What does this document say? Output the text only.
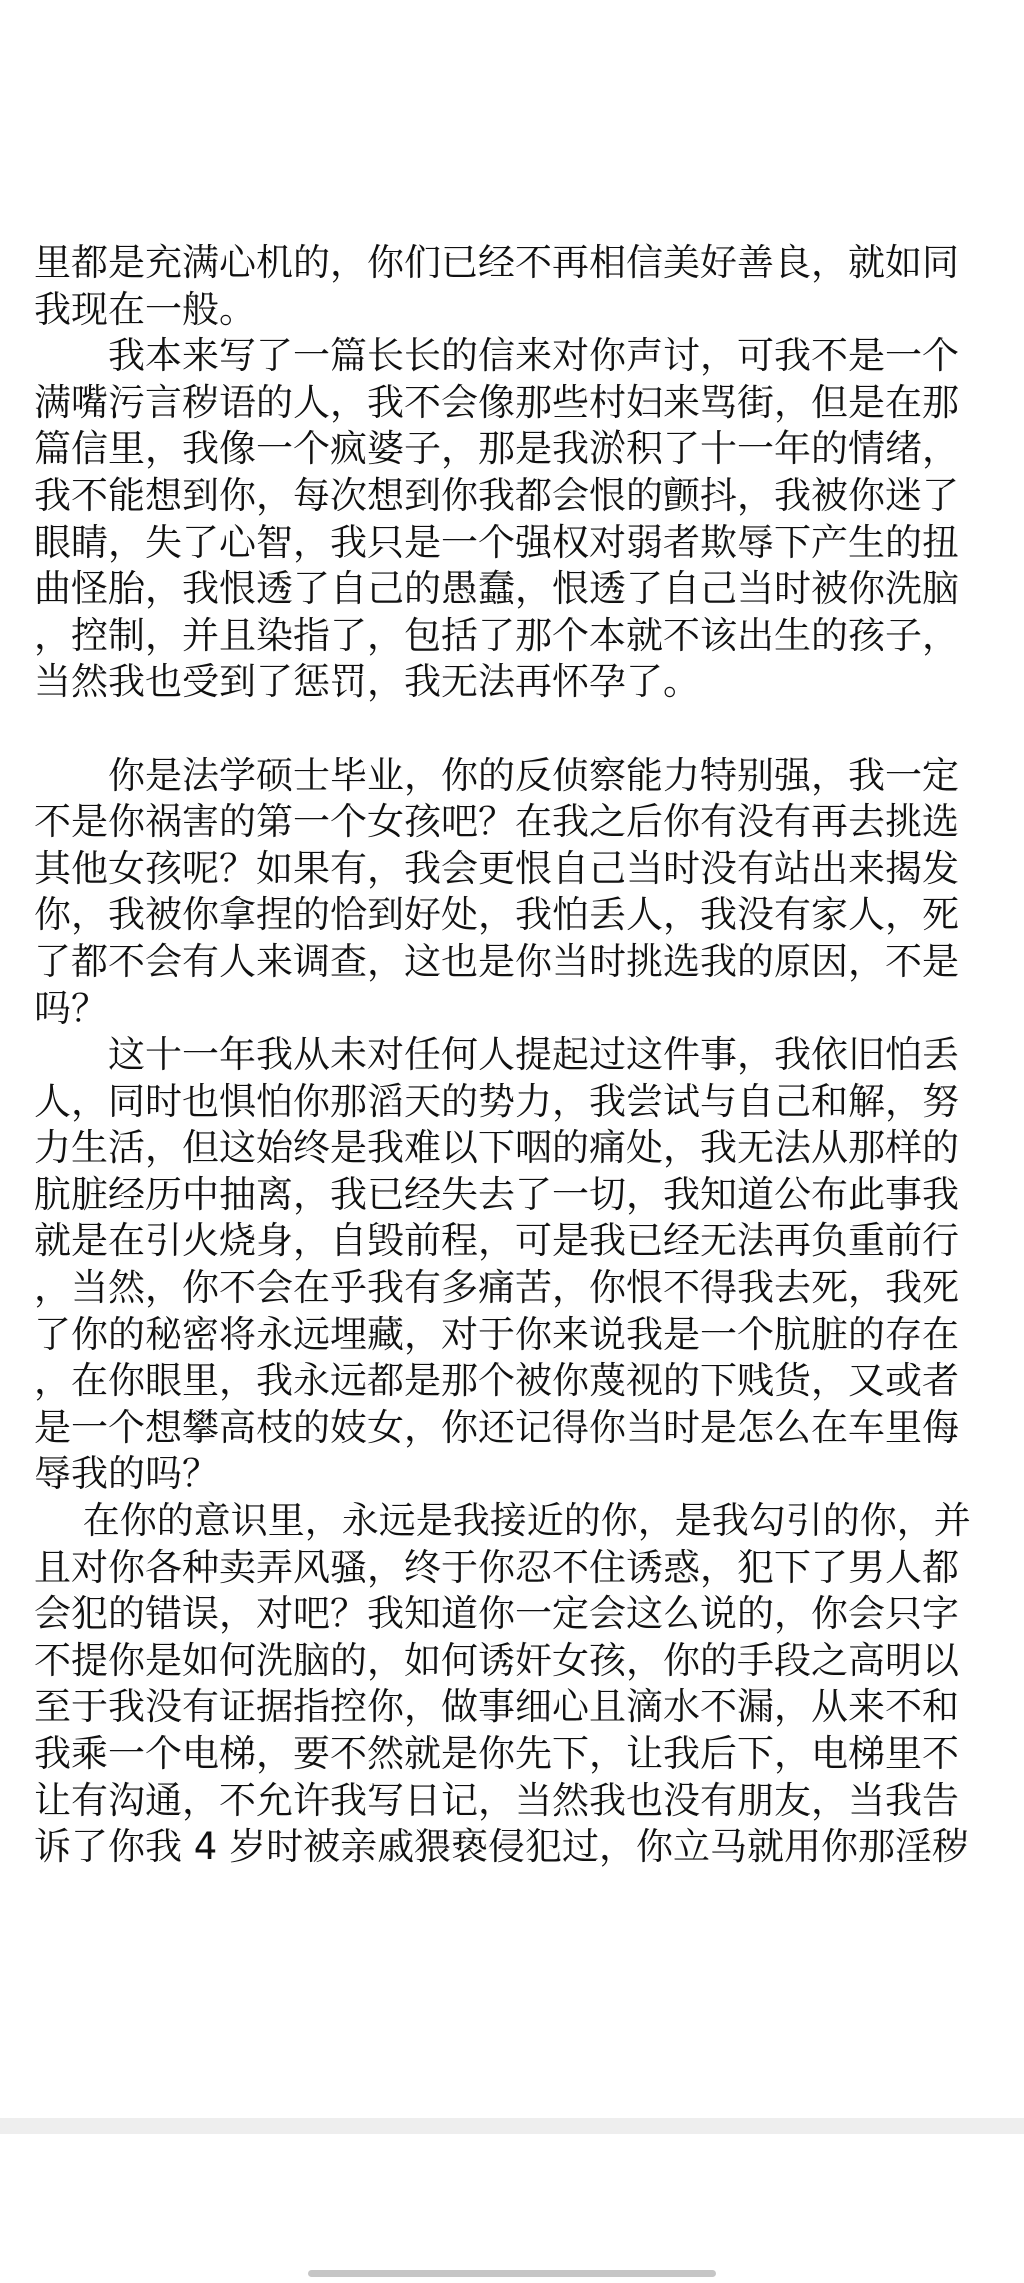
里都是充满心机的，你们已经不再相信美好善良，就如同
我现在一般。
　　我本来写了一篇长长的信来对你声讨，可我不是一个
满嘴污言秽语的人，我不会像那些村妇来骂街，但是在那
篇信里，我像一个疯婆子，那是我淤积了十一年的情绪，
我不能想到你，每次想到你我都会恨的颤抖，我被你迷了
眼睛，失了心智，我只是一个强权对弱者欺辱下产生的扭
曲怪胎，我恨透了自己的愚蠢，恨透了自己当时被你洗脑
，控制，并且染指了，包括了那个本就不该出生的孩子，
当然我也受到了惩罚，我无法再怀孕了。
　　你是法学硕士毕业，你的反侦察能力特别强，我一定
不是你祸害的第一个女孩吧？在我之后你有没有再去挑选
其他女孩呢？如果有，我会更恨自己当时没有站出来揭发
你，我被你拿捏的恰到好处，我怕丢人，我没有家人，死
了都不会有人来调查，这也是你当时挑选我的原因，不是
吗？
　　这十一年我从未对任何人提起过这件事，我依旧怕丢
人，同时也惧怕你那滔天的势力，我尝试与自己和解，努
力生活，但这始终是我难以下咽的痛处，我无法从那样的
肮脏经历中抽离，我已经失去了一切，我知道公布此事我
就是在引火烧身，自毁前程，可是我已经无法再负重前行
，当然，你不会在乎我有多痛苦，你恨不得我去死，我死
了你的秘密将永远埋藏，对于你来说我是一个肮脏的存在
，在你眼里，我永远都是那个被你蔑视的下贱货，又或者
是一个想攀高枝的妓女，你还记得你当时是怎么在车里侮
辱我的吗？
　 在你的意识里，永远是我接近的你，是我勾引的你，并
且对你各种卖弄风骚，终于你忍不住诱惑，犯下了男人都
会犯的错误，对吧？我知道你一定会这么说的，你会只字
不提你是如何洗脑的，如何诱奸女孩，你的手段之高明以
至于我没有证据指控你，做事细心且滴水不漏，从来不和
我乘一个电梯，要不然就是你先下，让我后下，电梯里不
让有沟通，不允许我写日记，当然我也没有朋友，当我告
诉了你我 4 岁时被亲戚猥亵侵犯过，你立马就用你那淫秽
